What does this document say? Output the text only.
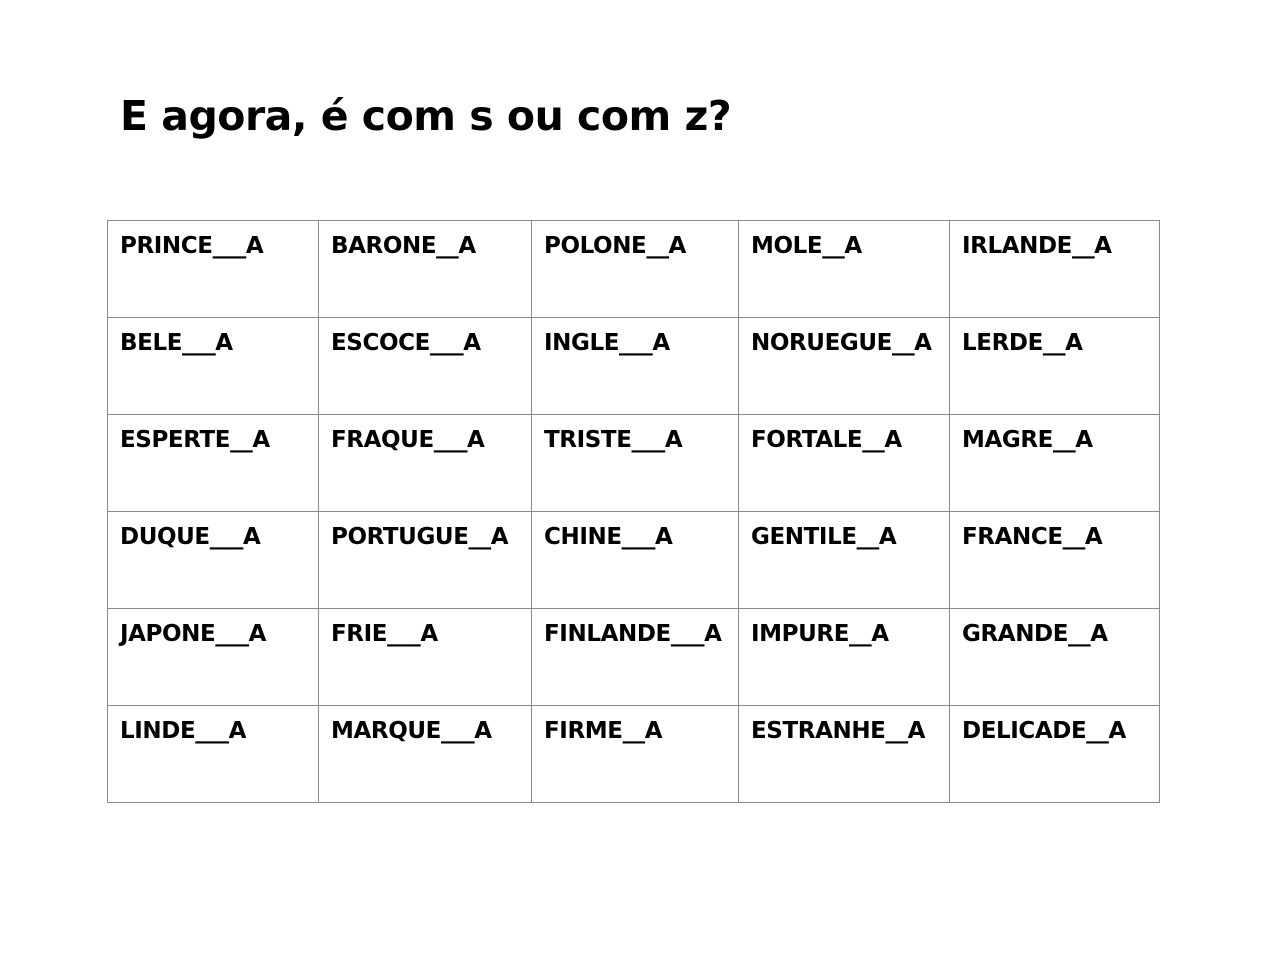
E agora, é com s ou com z?
PRINCE___A	BARONE__A	POLONE__A	MOLE__A	IRLANDE__A

BELE___A	ESCOCE___A	INGLE___A	NORUEGUE__A	LERDE__A

ESPERTE__A	FRAQUE___A	TRISTE___A	FORTALE__A	MAGRE__A

DUQUE___A	PORTUGUE__A	CHINE___A	GENTILE__A	FRANCE__A

JAPONE___A	FRIE___A	FINLANDE___A	IMPURE__A	GRANDE__A

LINDE___A	MARQUE___A	FIRME__A	ESTRANHE__A	DELICADE__A
